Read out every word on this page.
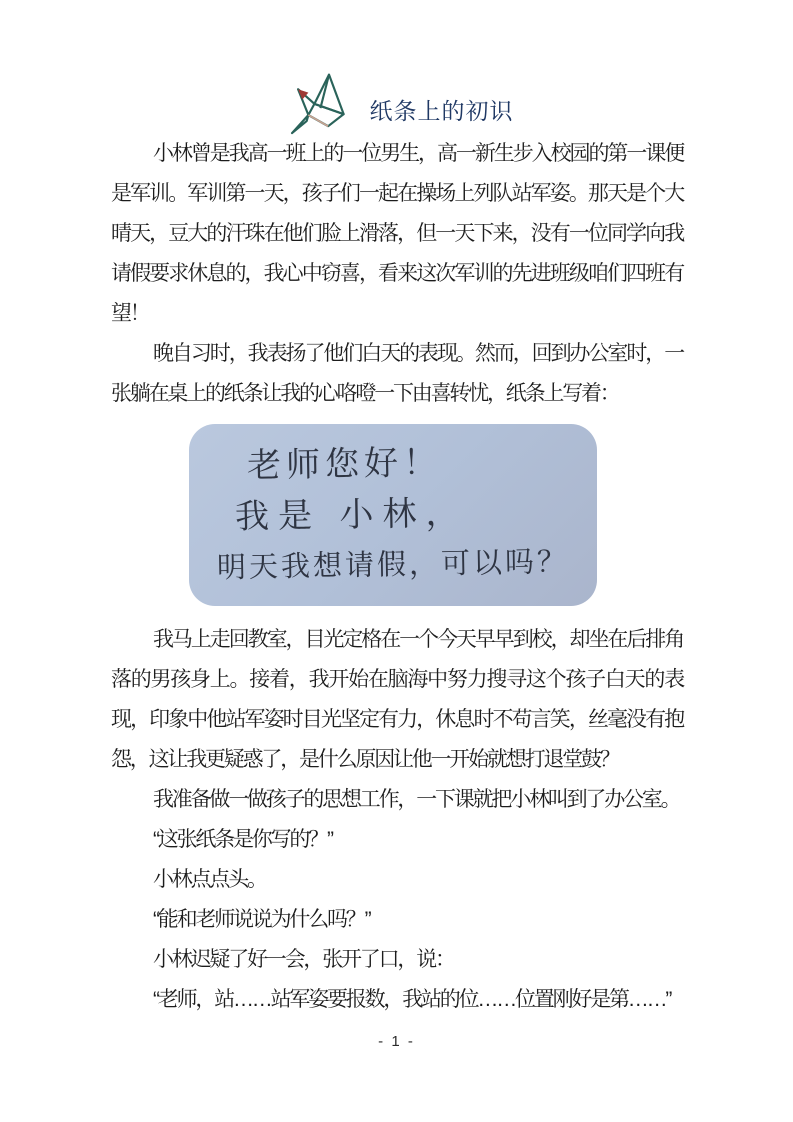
纸条上的初识

小林曾是我高一班上的一位男生，高一新生步入校园的第一课便是军训。军训第一天，孩子们一起在操场上列队站军姿。那天是个大晴天，豆大的汗珠在他们脸上滑落，但一天下来，没有一位同学向我请假要求休息的，我心中窃喜，看来这次军训的先进班级咱们四班有望！

晚自习时，我表扬了他们白天的表现。然而，回到办公室时，一张躺在桌上的纸条让我的心咯噔一下由喜转忧，纸条上写着：

老师您好！
我是 小林，
明天我想请假，可以吗？

我马上走回教室，目光定格在一个今天早早到校，却坐在后排角落的男孩身上。接着，我开始在脑海中努力搜寻这个孩子白天的表现，印象中他站军姿时目光坚定有力，休息时不苟言笑，丝毫没有抱怨，这让我更疑惑了，是什么原因让他一开始就想打退堂鼓？

我准备做一做孩子的思想工作，一下课就把小林叫到了办公室。

“这张纸条是你写的？”

小林点点头。

“能和老师说说为什么吗？”

小林迟疑了好一会，张开了口，说：

“老师，站……站军姿要报数，我站的位……位置刚好是第……”

- 1 -
